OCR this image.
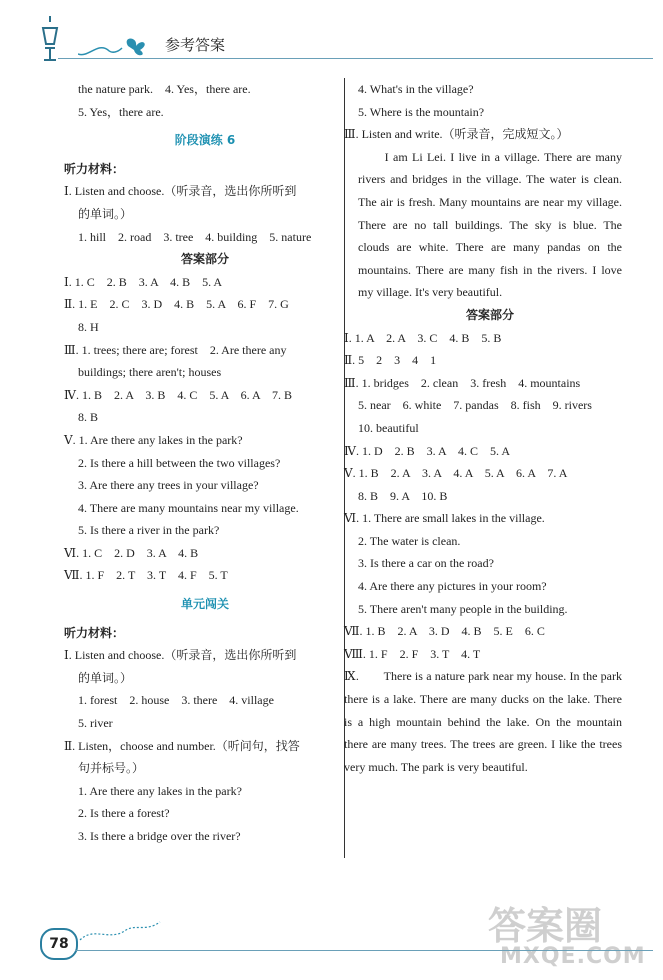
参考答案
the nature park.　4. Yes，there are.
5. Yes，there are.
阶段演练 6
听力材料：
Ⅰ. Listen and choose.（听录音，选出你所听到
的单词。）
1. hill　2. road　3. tree　4. building　5. nature
答案部分
Ⅰ. 1. C　2. B　3. A　4. B　5. A
Ⅱ. 1. E　2. C　3. D　4. B　5. A　6. F　7. G
8. H
Ⅲ. 1. trees; there are; forest　2. Are there any
buildings; there aren't; houses
Ⅳ. 1. B　2. A　3. B　4. C　5. A　6. A　7. B
8. B
Ⅴ. 1. Are there any lakes in the park?
2. Is there a hill between the two villages?
3. Are there any trees in your village?
4. There are many mountains near my village.
5. Is there a river in the park?
Ⅵ. 1. C　2. D　3. A　4. B
Ⅶ. 1. F　2. T　3. T　4. F　5. T
单元闯关
听力材料：
Ⅰ. Listen and choose.（听录音，选出你所听到
的单词。）
1. forest　2. house　3. there　4. village
5. river
Ⅱ. Listen，choose and number.（听问句，找答
句并标号。）
1. Are there any lakes in the park?
2. Is there a forest?
3. Is there a bridge over the river?
4. What's in the village?
5. Where is the mountain?
Ⅲ. Listen and write.（听录音，完成短文。）
　　I am Li Lei. I live in a village. There are many rivers and bridges in the village. The water is clean. The air is fresh. Many mountains are near my village. There are no tall buildings. The sky is blue. The clouds are white. There are many pandas on the mountains. There are many fish in the rivers. I love my village. It's very beautiful.
答案部分
Ⅰ. 1. A　2. A　3. C　4. B　5. B
Ⅱ. 5　2　3　4　1
Ⅲ. 1. bridges　2. clean　3. fresh　4. mountains
5. near　6. white　7. pandas　8. fish　9. rivers
10. beautiful
Ⅳ. 1. D　2. B　3. A　4. C　5. A
Ⅴ. 1. B　2. A　3. A　4. A　5. A　6. A　7. A
8. B　9. A　10. B
Ⅵ. 1. There are small lakes in the village.
2. The water is clean.
3. Is there a car on the road?
4. Are there any pictures in your room?
5. There aren't many people in the building.
Ⅶ. 1. B　2. A　3. D　4. B　5. E　6. C
Ⅷ. 1. F　2. F　3. T　4. T
Ⅸ.　　There is a nature park near my house. In the park there is a lake. There are many ducks on the lake. There is a high mountain behind the lake. On the mountain there are many trees. The trees are green. I like the trees very much. The park is very beautiful.
答案圈
MXQE.COM
78
